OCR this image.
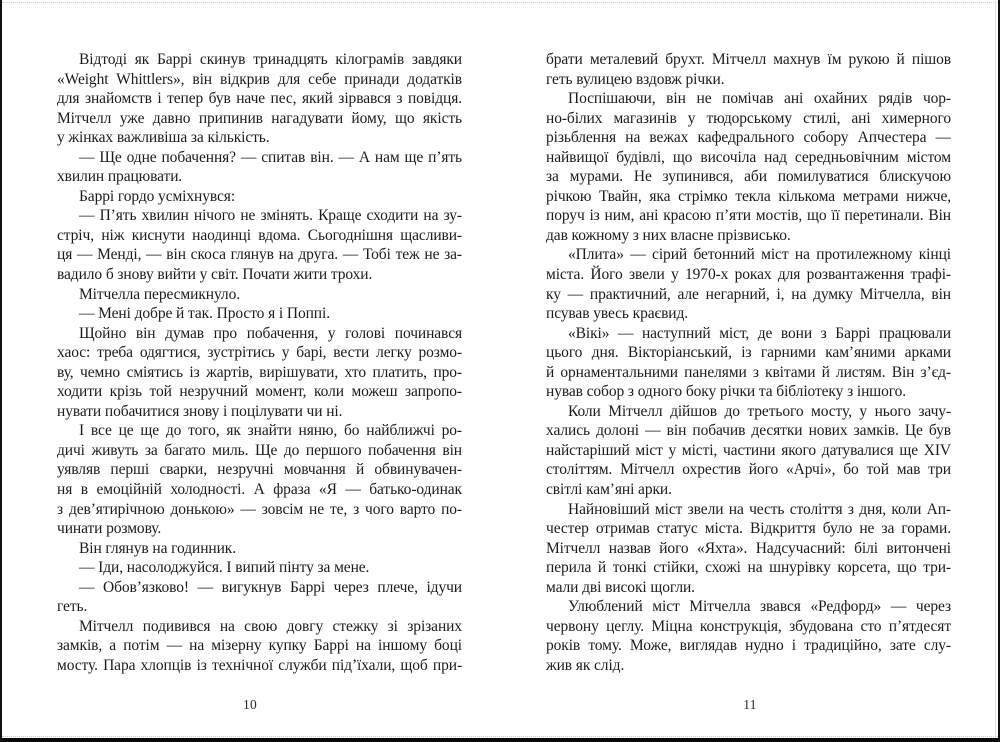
Відтоді як Баррі скинув тринадцять кілограмів завдяки
«Weight Whittlers», він відкрив для себе принади додатків
для знайомств і тепер був наче пес, який зірвався з повідця.
Мітчелл уже давно припинив нагадувати йому, що якість
у жінках важливіша за кількість.
— Ще одне побачення? — спитав він. — А нам ще п’ять
хвилин працювати.
Баррі гордо усміхнувся:
— П’ять хвилин нічого не змінять. Краще сходити на зу-
стріч, ніж киснути наодинці вдома. Сьогоднішня щасливи-
ця — Менді, — він скоса глянув на друга. — Тобі теж не за-
вадило б знову вийти у світ. Почати жити трохи.
Мітчелла пересмикнуло.
— Мені добре й так. Просто я і Поппі.
Щойно він думав про побачення, у голові починався
хаос: треба одягтися, зустрітись у барі, вести легку розмо-
ву, чемно сміятись із жартів, вирішувати, хто платить, про-
ходити крізь той незручний момент, коли можеш запропо-
нувати побачитися знову і поцілувати чи ні.
І все це ще до того, як знайти няню, бо найближчі ро-
дичі живуть за багато миль. Ще до першого побачення він
уявляв перші сварки, незручні мовчання й обвинувачен-
ня в емоційній холодності. А фраза «Я — батько-одинак
з дев’ятирічною донькою» — зовсім не те, з чого варто по-
чинати розмову.
Він глянув на годинник.
— Іди, насолоджуйся. І випий пінту за мене.
— Обов’язково! — вигукнув Баррі через плече, ідучи
геть.
Мітчелл подивився на свою довгу стежку зі зрізаних
замків, а потім — на мізерну купку Баррі на іншому боці
мосту. Пара хлопців із технічної служби під’їхали, щоб при-
брати металевий брухт. Мітчелл махнув їм рукою й пішов
геть вулицею вздовж річки.
Поспішаючи, він не помічав ані охайних рядів чор-
но-білих магазинів у тюдорському стилі, ані химерного
різьблення на вежах кафедрального собору Апчестера —
найвищої будівлі, що височіла над середньовічним містом
за мурами. Не зупинився, аби помилуватися блискучою
річкою Твайн, яка стрімко текла кількома метрами нижче,
поруч із ним, ані красою п’яти мостів, що її перетинали. Він
дав кожному з них власне прізвисько.
«Плита» — сірий бетонний міст на протилежному кінці
міста. Його звели у 1970-х роках для розвантаження трафі-
ку — практичний, але негарний, і, на думку Мітчелла, він
псував увесь краєвид.
«Вікі» — наступний міст, де вони з Баррі працювали
цього дня. Вікторіанський, із гарними кам’яними арками
й орнаментальними панелями з квітами й листям. Він з’єд-
нував собор з одного боку річки та бібліотеку з іншого.
Коли Мітчелл дійшов до третього мосту, у нього зачу-
хались долоні — він побачив десятки нових замків. Це був
найстаріший міст у місті, частини якого датувалися ще XIV
століттям. Мітчелл охрестив його «Арчі», бо той мав три
світлі кам’яні арки.
Найновіший міст звели на честь століття з дня, коли Ап-
честер отримав статус міста. Відкриття було не за горами.
Мітчелл назвав його «Яхта». Надсучасний: білі витончені
перила й тонкі стійки, схожі на шнурівку корсета, що три-
мали дві високі щогли.
Улюблений міст Мітчелла звався «Редфорд» — через
червону цеглу. Міцна конструкція, збудована сто п’ятдесят
років тому. Може, виглядав нудно і традиційно, зате слу-
жив як слід.
10	11
